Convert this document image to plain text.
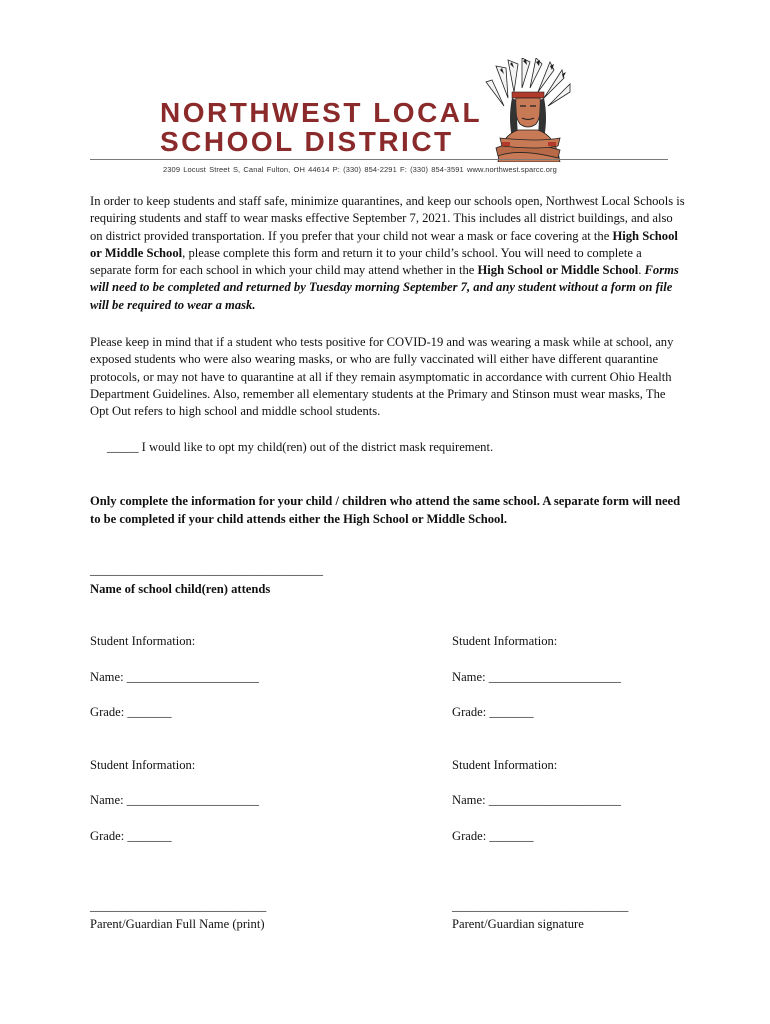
NORTHWEST LOCAL
SCHOOL DISTRICT
2309 Locust Street S, Canal Fulton, OH 44614 P: (330) 854-2291 F: (330) 854-3591 www.northwest.sparcc.org
In order to keep students and staff safe, minimize quarantines, and keep our schools open, Northwest Local Schools is requiring students and staff to wear masks effective September 7, 2021. This includes all district buildings, and also on district provided transportation. If you prefer that your child not wear a mask or face covering at the High School or Middle School, please complete this form and return it to your child’s school. You will need to complete a separate form for each school in which your child may attend whether in the High School or Middle School. Forms will need to be completed and returned by Tuesday morning September 7, and any student without a form on file will be required to wear a mask.
Please keep in mind that if a student who tests positive for COVID-19 and was wearing a mask while at school, any exposed students who were also wearing masks, or who are fully vaccinated will either have different quarantine protocols, or may not have to quarantine at all if they remain asymptomatic in accordance with current Ohio Health Department Guidelines. Also, remember all elementary students at the Primary and Stinson must wear masks, The Opt Out refers to high school and middle school students.
_____ I would like to opt my child(ren) out of the district mask requirement.
Only complete the information for your child / children who attend the same school. A separate form will need to be completed if your child attends either the High School or Middle School.
_____________________________________
Name of school child(ren) attends
Student Information:
Name: _____________________
Grade: _______
Student Information:
Name: _____________________
Grade: _______
Student Information:
Name: _____________________
Grade: _______
Student Information:
Name: _____________________
Grade: _______
____________________________
Parent/Guardian Full Name (print)
____________________________
Parent/Guardian signature
